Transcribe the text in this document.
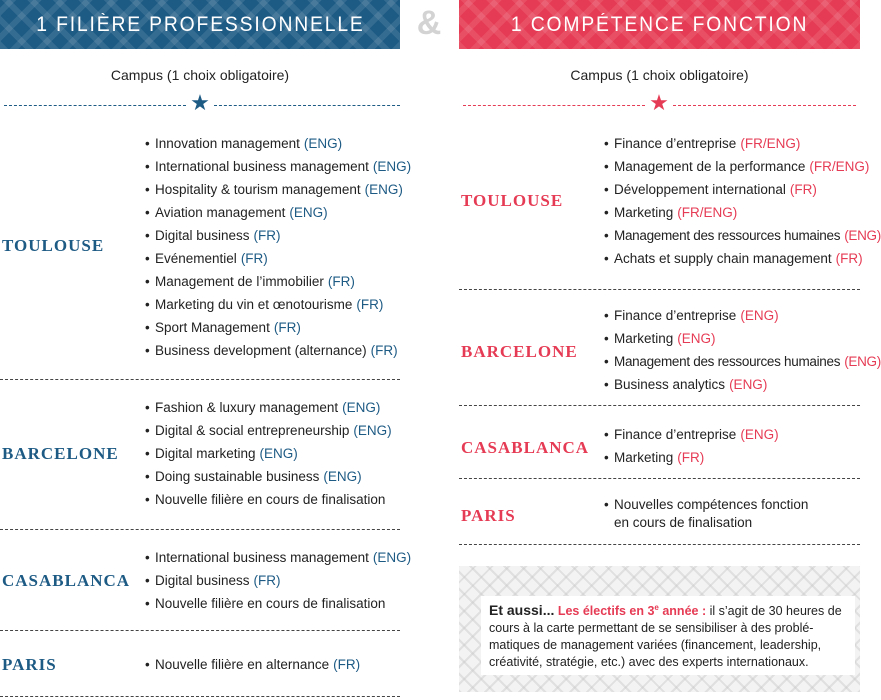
1 FILIÈRE PROFESSIONNELLE
Campus (1 choix obligatoire)
★
TOULOUSE
• Innovation management (ENG)
• International business management (ENG)
• Hospitality & tourism management (ENG)
• Aviation management (ENG)
• Digital business (FR)
• Evénementiel (FR)
• Management de l’immobilier (FR)
• Marketing du vin et œnotourisme (FR)
• Sport Management (FR)
• Business development (alternance) (FR)
BARCELONE
• Fashion & luxury management (ENG)
• Digital & social entrepreneurship (ENG)
• Digital marketing (ENG)
• Doing sustainable business (ENG)
• Nouvelle filière en cours de finalisation
CASABLANCA
• International business management (ENG)
• Digital business (FR)
• Nouvelle filière en cours de finalisation
PARIS	• Nouvelle filière en alternance (FR)
&	1 COMPÉTENCE FONCTION
Campus (1 choix obligatoire)
★
TOULOUSE
• Finance d’entreprise (FR/ENG)
• Management de la performance (FR/ENG)
• Développement international (FR)
• Marketing (FR/ENG)
• Management des ressources humaines (ENG)
• Achats et supply chain management (FR)
BARCELONE
• Finance d’entreprise (ENG)
• Marketing (ENG)
• Management des ressources humaines (ENG)
• Business analytics (ENG)
CASABLANCA
• Finance d’entreprise (ENG)
• Marketing (FR)
PARIS
• Nouvelles compétences fonction
en cours de finalisation
Et aussi... Les électifs en 3e année : il s’agit de 30 heures de cours à la carte permettant de se sensibiliser à des problé-matiques de management variées (financement, leadership, créativité, stratégie, etc.) avec des experts internationaux.
